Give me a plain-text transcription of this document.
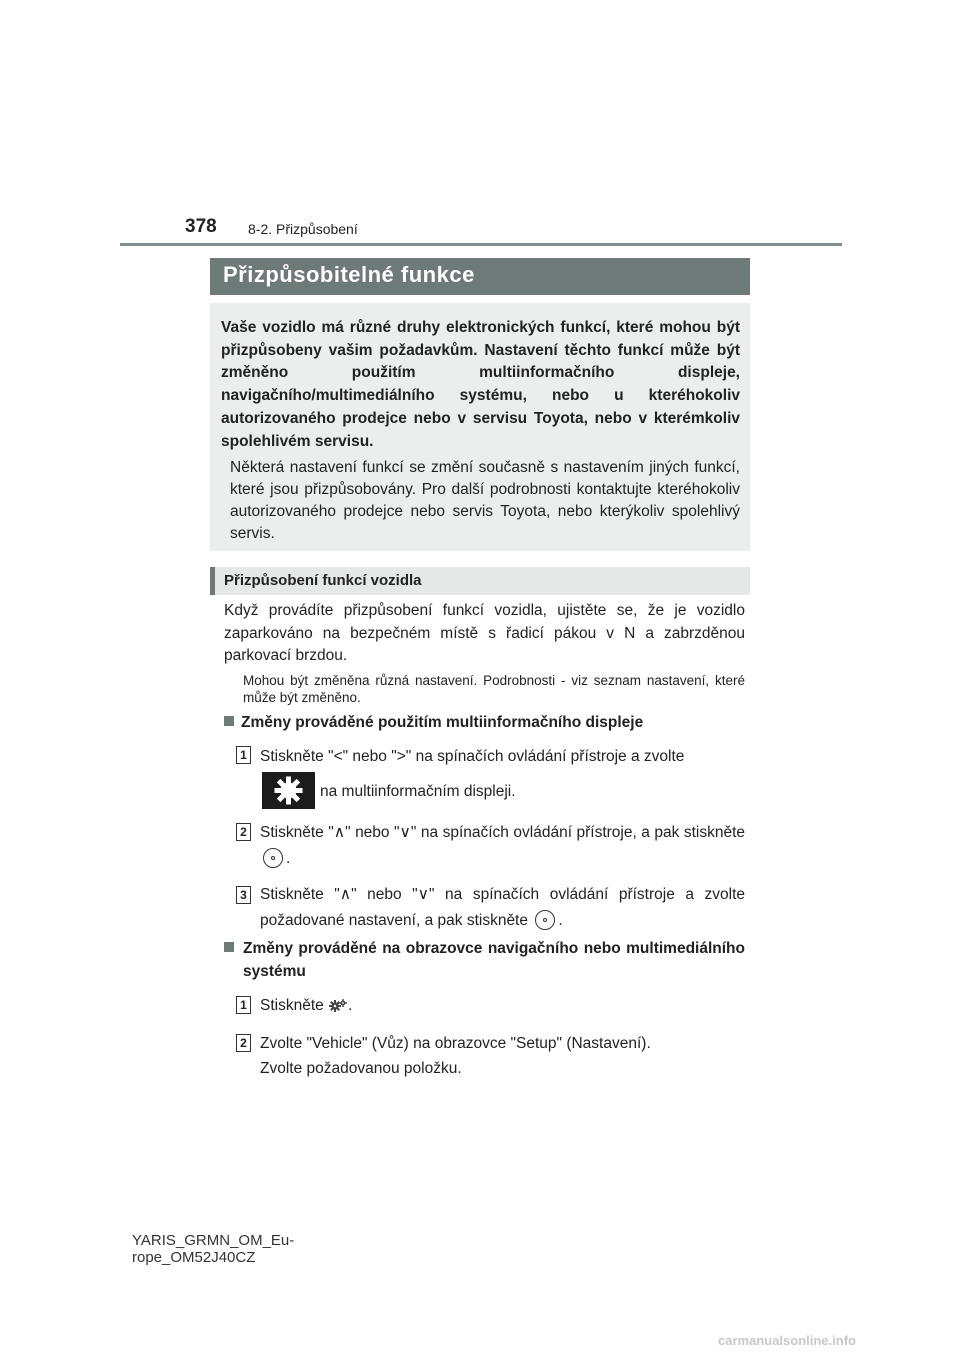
378 8-2. Přizpůsobení
Přizpůsobitelné funkce
Vaše vozidlo má různé druhy elektronických funkcí, které mohou být přizpůsobeny vašim požadavkům. Nastavení těchto funkcí může být změněno použitím multiinformačního displeje, navigačního/multimediálního systému, nebo u kteréhokoliv autorizovaného prodejce nebo v servisu Toyota, nebo v kterémkoliv spolehlivém servisu.
Některá nastavení funkcí se změní současně s nastavením jiných funkcí, které jsou přizpůsobovány. Pro další podrobnosti kontaktujte kteréhokoliv autorizovaného prodejce nebo servis Toyota, nebo kterýkoliv spolehlivý servis.
Přizpůsobení funkcí vozidla
Když provádíte přizpůsobení funkcí vozidla, ujistěte se, že je vozidlo zaparkováno na bezpečném místě s řadicí pákou v N a zabrzděnou parkovací brzdou.
Mohou být změněna různá nastavení. Podrobnosti - viz seznam nastavení, které může být změněno.
Změny prováděné použitím multiinformačního displeje
1 Stiskněte "<" nebo ">" na spínačích ovládání přístroje a zvolte
na multiinformačním displeji.
2 Stiskněte "∧" nebo "∨" na spínačích ovládání přístroje, a pak stiskněte .
3 Stiskněte "∧" nebo "∨" na spínačích ovládání přístroje a zvolte požadované nastavení, a pak stiskněte .
Změny prováděné na obrazovce navigačního nebo multimediálního systému
1 Stiskněte .
2 Zvolte "Vehicle" (Vůz) na obrazovce "Setup" (Nastavení).
Zvolte požadovanou položku.
YARIS_GRMN_OM_Eu-
rope_OM52J40CZ
carmanualsonline.info
